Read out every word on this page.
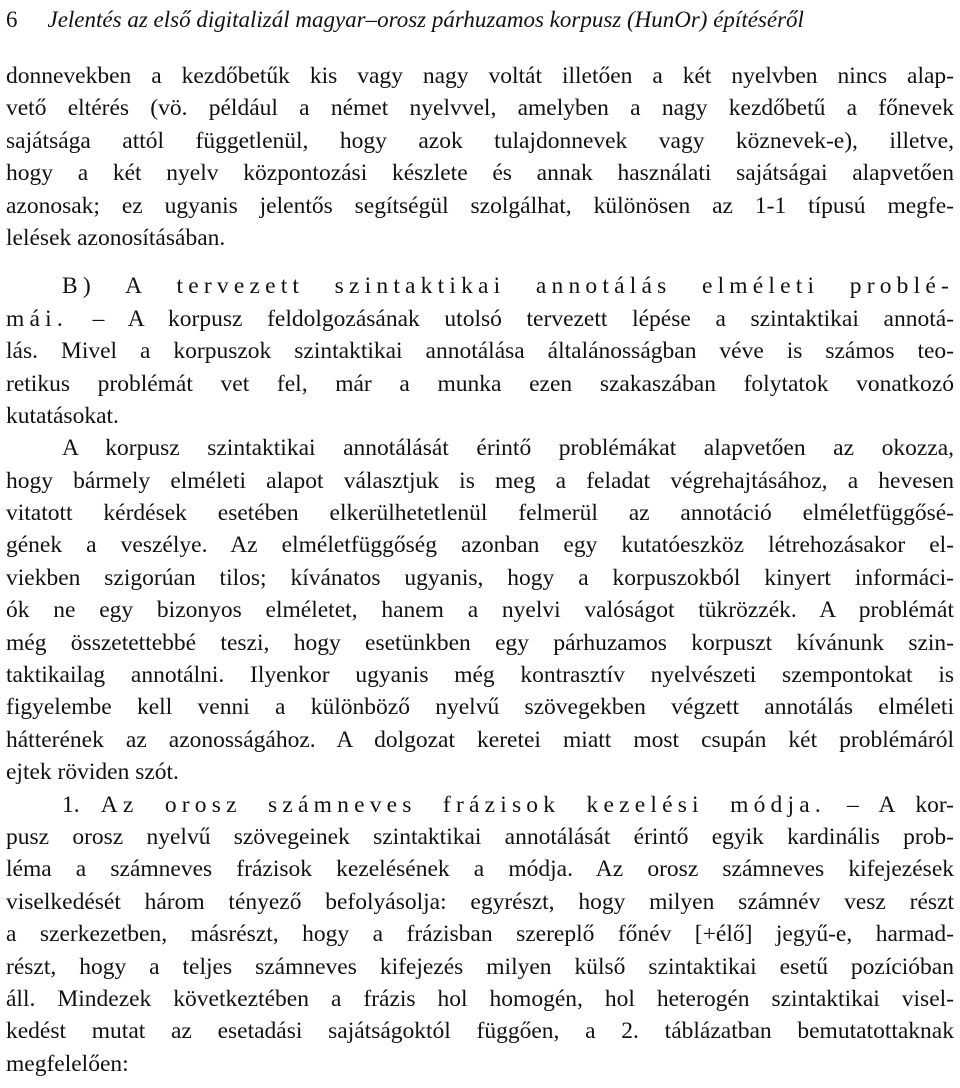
6 Jelentés az első digitalizál magyar–orosz párhuzamos korpusz (HunOr) építéséről
donnevekben a kezdőbetűk kis vagy nagy voltát illetően a két nyelvben nincs alap-
vető eltérés (vö. például a német nyelvvel, amelyben a nagy kezdőbetű a főnevek
sajátsága attól függetlenül, hogy azok tulajdonnevek vagy köznevek-e), illetve,
hogy a két nyelv központozási készlete és annak használati sajátságai alapvetően
azonosak; ez ugyanis jelentős segítségül szolgálhat, különösen az 1-1 típusú megfe-
lelések azonosításában.
B) A tervezett szintaktikai annotálás elméleti problé-
mái. – A korpusz feldolgozásának utolsó tervezett lépése a szintaktikai annotá-
lás. Mivel a korpuszok szintaktikai annotálása általánosságban véve is számos teo-
retikus problémát vet fel, már a munka ezen szakaszában folytatok vonatkozó
kutatásokat.
A korpusz szintaktikai annotálását érintő problémákat alapvetően az okozza,
hogy bármely elméleti alapot választjuk is meg a feladat végrehajtásához, a hevesen
vitatott kérdések esetében elkerülhetetlenül felmerül az annotáció elméletfüggősé-
gének a veszélye. Az elméletfüggőség azonban egy kutatóeszköz létrehozásakor el-
viekben szigorúan tilos; kívánatos ugyanis, hogy a korpuszokból kinyert informáci-
ók ne egy bizonyos elméletet, hanem a nyelvi valóságot tükrözzék. A problémát
még összetettebbé teszi, hogy esetünkben egy párhuzamos korpuszt kívánunk szin-
taktikailag annotálni. Ilyenkor ugyanis még kontrasztív nyelvészeti szempontokat is
figyelembe kell venni a különböző nyelvű szövegekben végzett annotálás elméleti
hátterének az azonosságához. A dolgozat keretei miatt most csupán két problémáról
ejtek röviden szót.
1. Az orosz számneves frázisok kezelési módja. – A kor-
pusz orosz nyelvű szövegeinek szintaktikai annotálását érintő egyik kardinális prob-
léma a számneves frázisok kezelésének a módja. Az orosz számneves kifejezések
viselkedését három tényező befolyásolja: egyrészt, hogy milyen számnév vesz részt
a szerkezetben, másrészt, hogy a frázisban szereplő főnév [+élő] jegyű-e, harmad-
részt, hogy a teljes számneves kifejezés milyen külső szintaktikai esetű pozícióban
áll. Mindezek következtében a frázis hol homogén, hol heterogén szintaktikai visel-
kedést mutat az esetadási sajátságoktól függően, a 2. táblázatban bemutatottaknak
megfelelően:
